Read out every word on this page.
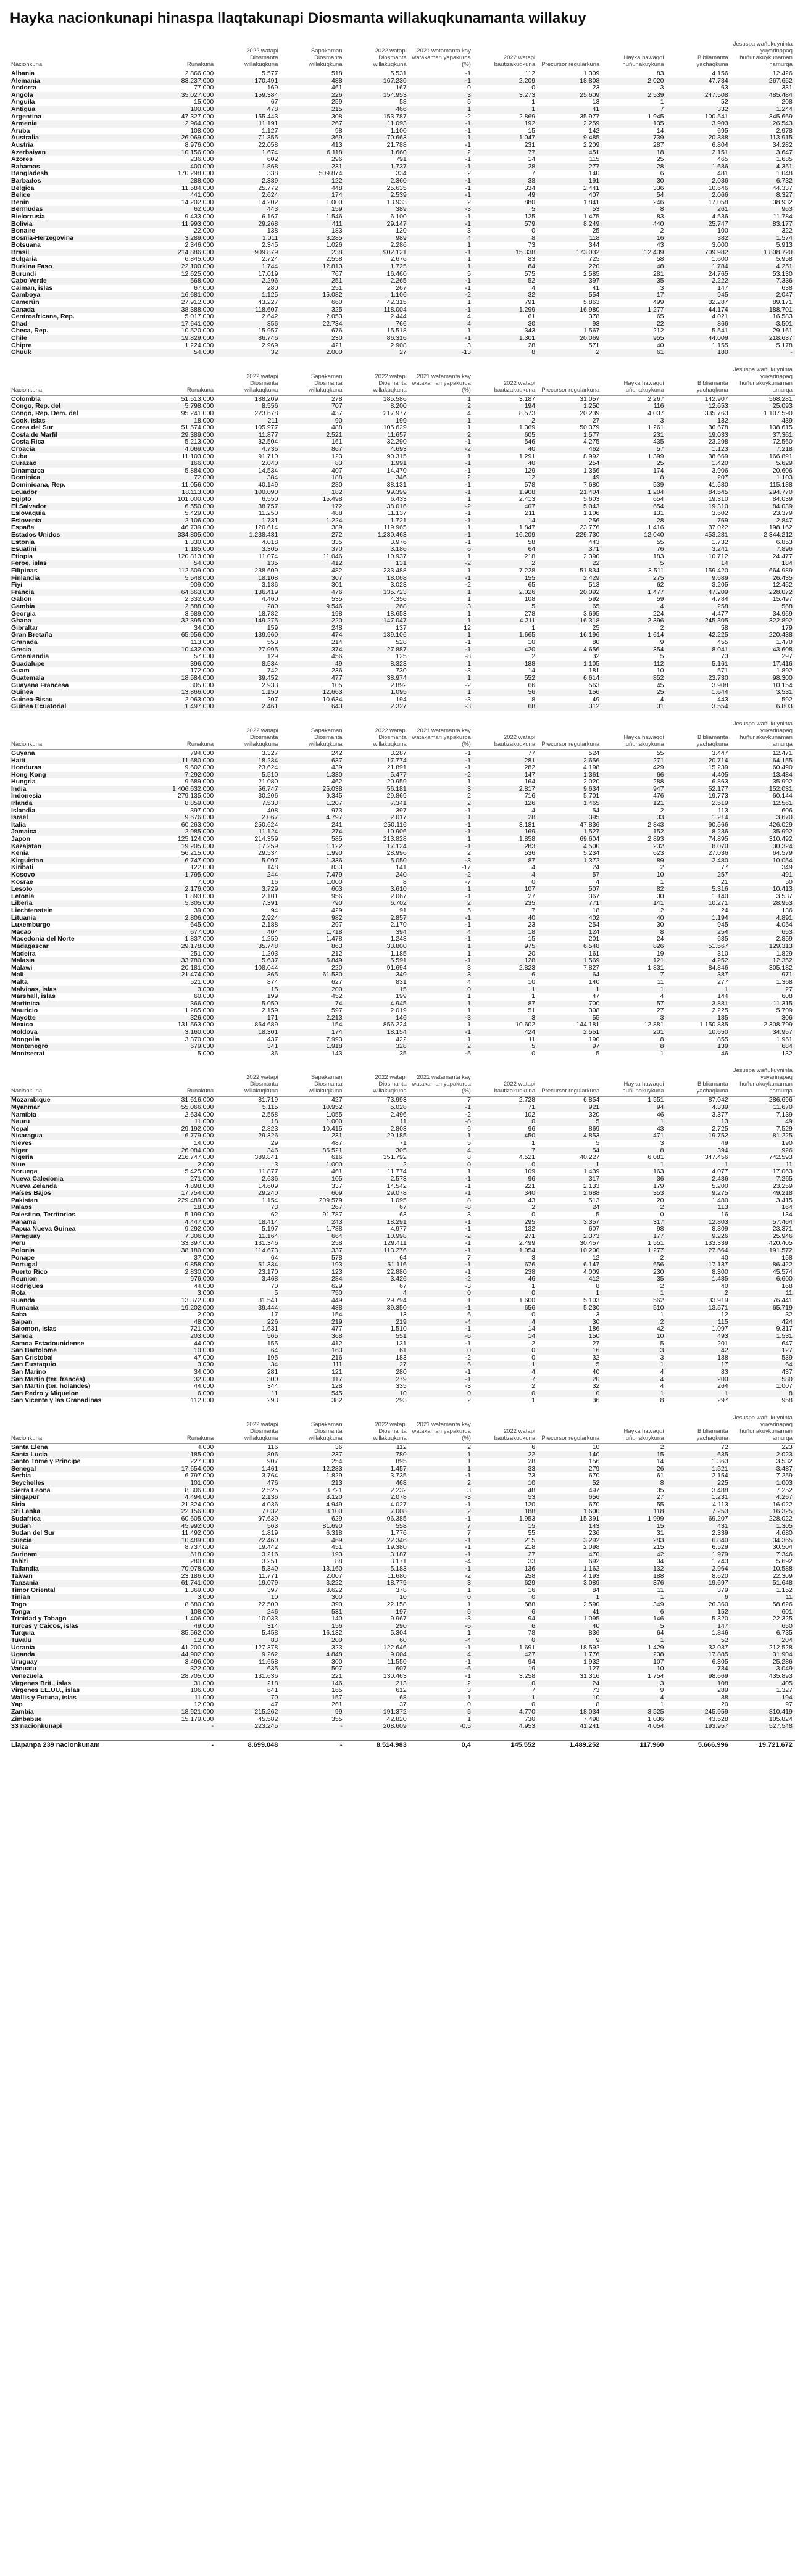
Hayka nacionkunapi hinaspa llaqtakunapi Diosmanta willakuqkunamanta willakuy
Nacionkuna	Runakuna	2022 watapi Diosmanta willakuqkuna	Sapakaman Diosmanta willakuqkuna	2022 watapi Diosmanta willakuqkuna	2021 watamanta kay watakaman yapakurqa (%)	2022 watapi bautizakuqkuna	Precursor regularkuna	Hayka hawaqqi huñunakuykuna	Bibliamanta yachaqkuna	Jesuspa wañukuyninta yuyarinapaq huñunakuykunaman hamurqa
Albania	2.866.000	5.577	518	5.531	-1	112	1.309	83	4.156	12.426
Alemania	83.237.000	170.491	488	167.230	-1	2.209	18.808	2.020	47.734	267.652
Andorra	77.000	169	461	167	0	0	23	3	63	331
Angola	35.027.000	159.384	226	154.953	3	3.273	25.609	2.539	247.508	485.484
Anguila	15.000	67	259	58	5	1	13	1	52	208
Antigua	100.000	478	215	466	1	1	41	7	332	1.244
Argentina	47.327.000	155.443	308	153.787	-2	2.869	35.977	1.945	100.541	345.669
Armenia	2.964.000	11.191	267	11.093	-1	192	2.259	135	3.903	26.543
Aruba	108.000	1.127	98	1.100	-1	15	142	14	695	2.978
Australia	26.069.000	71.355	369	70.663	1	1.047	9.485	739	20.388	113.915
Austria	8.976.000	22.058	413	21.788	-1	231	2.209	287	6.804	34.282
Azerbaiyan	10.156.000	1.674	6.118	1.660	2	77	451	18	2.151	3.647
Azores	236.000	602	296	791	-1	14	115	25	465	1.685
Bahamas	400.000	1.868	231	1.737	-1	28	277	28	1.686	4.351
Bangladesh	170.298.000	338	509.874	334	2	7	140	6	481	1.048
Barbados	288.000	2.389	122	2.360	-1	38	191	30	2.036	6.732
Belgica	11.584.000	25.772	448	25.635	-1	334	2.441	336	10.646	44.337
Belice	441.000	2.624	174	2.539	-1	49	407	54	2.066	8.327
Benin	14.202.000	14.202	1.000	13.933	2	880	1.841	246	17.058	38.932
Bermudas	62.000	443	159	389	-3	5	53	8	261	963
Bielorrusia	9.433.000	6.167	1.546	6.100	-1	125	1.475	83	4.536	11.784
Bolivia	11.993.000	29.268	411	29.147	-1	579	8.249	440	25.747	83.177
Bonaire	22.000	138	183	120	3	0	25	2	100	322
Bosnia-Herzegovina	3.289.000	1.011	3.285	989	4	8	118	16	382	1.574
Botsuana	2.346.000	2.345	1.026	2.286	1	73	344	43	3.000	5.913
Brasil	214.886.000	909.879	238	902.121	-1	15.338	173.032	12.439	709.982	1.808.720
Bulgaria	6.845.000	2.724	2.558	2.676	1	83	725	58	1.600	5.958
Burkina Faso	22.100.000	1.744	12.813	1.725	1	84	220	48	1.784	4.251
Burundi	12.625.000	17.019	767	16.460	5	575	2.585	281	24.765	53.130
Cabo Verde	568.000	2.296	251	2.265	-1	52	397	35	2.222	7.336
Caiman, islas	67.000	280	251	267	-1	4	41	3	147	638
Camboya	16.681.000	1.125	15.082	1.106	-2	32	554	17	945	2.047
Camerún	27.912.000	43.227	660	42.315	1	791	5.863	499	32.287	89.171
Canada	38.388.000	118.607	325	118.004	-1	1.299	16.980	1.277	44.174	188.701
Centroafricana, Rep.	5.017.000	2.642	2.053	2.444	4	61	378	65	4.021	16.583
Chad	17.641.000	856	22.734	766	4	30	93	22	866	3.501
Checa, Rep.	10.520.000	15.957	676	15.518	1	343	1.567	212	5.541	29.161
Chile	19.829.000	86.746	230	86.316	-1	1.301	20.069	955	44.009	218.637
Chipre	1.224.000	2.969	421	2.908	3	28	571	40	1.155	5.178
Chuuk	54.000	32	2.000	27	-13	8	2	61	180	-
Nacionkuna	Runakuna	2022 watapi Diosmanta willakuqkuna	Sapakaman Diosmanta willakuqkuna	2022 watapi Diosmanta willakuqkuna	2021 watamanta kay watakaman yapakurqa (%)	2022 watapi bautizakuqkuna	Precursor regularkuna	Hayka hawaqqi huñunakuykuna	Bibliamanta yachaqkuna	Jesuspa wañukuyninta yuyarinapaq huñunakuykunaman hamurqa
Colombia	51.513.000	188.209	278	185.586	1	3.187	31.057	2.267	142.907	568.281
Congo, Rep. del	5.798.000	8.556	707	8.200	2	194	1.250	116	12.653	25.093
Congo, Rep. Dem. del	95.241.000	223.678	437	217.977	4	8.573	20.239	4.037	335.763	1.107.590
Cook, islas	18.000	211	90	199	1	2	27	3	132	439
Corea del Sur	51.574.000	105.977	488	105.629	1	1.369	50.379	1.261	36.678	138.615
Costa de Marfil	29.389.000	11.877	2.521	11.657	2	605	1.577	231	19.033	37.361
Costa Rica	5.213.000	32.504	161	32.290	-1	546	4.275	435	23.298	72.560
Croacia	4.069.000	4.736	867	4.693	-2	40	462	57	1.123	7.218
Cuba	11.103.000	91.710	123	90.315	1	1.291	8.992	1.399	38.669	166.891
Curazao	166.000	2.040	83	1.991	-1	40	254	25	1.420	5.629
Dinamarca	5.884.000	14.534	407	14.470	-1	129	1.356	174	3.906	20.606
Dominica	72.000	384	188	346	2	12	49	8	207	1.103
Dominicana, Rep.	11.056.000	40.149	280	38.131	-1	578	7.680	539	41.580	115.138
Ecuador	18.113.000	100.090	182	99.399	-1	1.908	21.404	1.204	84.545	294.770
Egipto	101.000.000	6.550	15.498	6.433	1	2.413	5.603	654	19.310	84.039
El Salvador	6.550.000	38.757	172	38.016	-2	407	5.043	654	19.310	84.039
Eslovaquia	5.429.000	11.250	488	11.137	-1	211	1.106	131	3.602	23.379
Eslovenia	2.106.000	1.731	1.224	1.721	-1	14	256	28	769	2.847
España	46.739.000	120.614	389	119.965	1	1.847	23.776	1.416	37.022	198.162
Estados Unidos	334.805.000	1.238.431	272	1.230.463	-1	16.209	229.730	12.040	453.281	2.344.212
Estonia	1.330.000	4.018	335	3.976	-1	58	443	55	1.732	6.853
Esuatini	1.185.000	3.305	370	3.186	6	64	371	76	3.241	7.896
Etiopia	120.813.000	11.074	11.046	10.937	1	218	2.390	183	10.712	24.477
Feroe, islas	54.000	135	412	131	-2	2	22	5	14	184
Filipinas	112.509.000	238.609	482	233.488	1	7.228	51.834	3.511	159.420	664.989
Finlandia	5.548.000	18.108	307	18.068	-1	155	2.429	275	9.689	26.435
Fiyi	909.000	3.186	301	3.023	-2	65	513	62	3.205	12.452
Francia	64.663.000	136.419	476	135.723	1	2.026	20.092	1.477	47.209	228.072
Gabon	2.332.000	4.460	535	4.356	1	108	592	59	4.784	15.497
Gambia	2.588.000	280	9.546	268	3	5	65	4	258	568
Georgia	3.689.000	18.782	198	18.653	1	278	3.695	224	4.477	34.969
Ghana	32.395.000	149.275	220	147.047	1	4.211	16.318	2.396	245.305	322.892
Gibraltar	34.000	159	248	137	12	1	25	2	58	179
Gran Bretaña	65.956.000	139.960	474	139.106	1	1.665	16.196	1.614	42.225	220.438
Granada	113.000	553	214	528	-1	10	80	9	455	1.470
Grecia	10.432.000	27.995	374	27.887	-1	420	4.656	354	8.041	43.608
Groenlandia	57.000	129	456	125	-8	2	32	5	73	297
Guadalupe	396.000	8.534	49	8.323	1	188	1.105	112	5.161	17.416
Guam	172.000	742	236	730	-3	14	181	10	571	1.892
Guatemala	18.584.000	39.452	477	38.974	1	552	6.614	852	23.730	98.300
Guayana Francesa	305.000	2.933	105	2.892	-2	66	563	45	3.908	10.154
Guinea	13.866.000	1.150	12.663	1.095	1	56	156	25	1.644	3.531
Guinea-Bisau	2.063.000	207	10.634	194	-3	8	49	4	443	592
Guinea Ecuatorial	1.497.000	2.461	643	2.327	-3	68	312	31	3.554	6.803
Nacionkuna	Runakuna	2022 watapi Diosmanta willakuqkuna	Sapakaman Diosmanta willakuqkuna	2022 watapi Diosmanta willakuqkuna	2021 watamanta kay watakaman yapakurqa (%)	2022 watapi bautizakuqkuna	Precursor regularkuna	Hayka hawaqqi huñunakuykuna	Bibliamanta yachaqkuna	Jesuspa wañukuyninta yuyarinapaq huñunakuykunaman hamurqa
Guyana	794.000	3.327	242	3.287	-1	77	524	55	3.447	12.471
Haiti	11.680.000	18.234	637	17.774	-1	281	2.656	271	20.714	64.155
Honduras	9.602.000	23.624	439	21.891	-1	282	4.198	429	15.239	60.490
Hong Kong	7.292.000	5.510	1.330	5.477	-2	147	1.361	66	4.405	13.484
Hungria	9.689.000	21.080	462	20.959	1	164	2.020	288	6.863	35.992
India	1.406.632.000	56.747	25.038	56.181	3	2.817	9.634	947	52.177	152.031
Indonesia	279.135.000	30.206	9.345	29.869	2	716	5.701	476	19.773	60.144
Irlanda	8.859.000	7.533	1.207	7.341	2	126	1.465	121	2.519	12.561
Islandia	397.000	408	973	397	-1	4	54	2	113	606
Israel	9.676.000	2.067	4.797	2.017	1	28	395	33	1.214	3.670
Italia	60.263.000	250.624	241	250.116	-1	3.181	47.836	2.843	90.566	426.029
Jamaica	2.985.000	11.124	274	10.906	-1	169	1.527	152	8.236	35.992
Japon	125.124.000	214.359	585	213.828	1	1.858	69.604	2.893	74.895	310.492
Kazajstan	19.205.000	17.259	1.122	17.124	-1	283	4.500	232	8.070	30.324
Kenia	56.215.000	29.534	1.990	28.996	2	536	5.234	623	27.036	64.579
Kirguistan	6.747.000	5.097	1.336	5.050	-3	87	1.372	89	2.480	10.054
Kiribati	122.000	148	833	141	-17	4	24	2	77	349
Kosovo	1.795.000	244	7.479	240	-2	4	57	10	257	491
Kosrae	7.000	16	1.000	8	-7	0	4	1	21	50
Lesoto	2.176.000	3.729	603	3.610	1	107	507	82	5.316	10.413
Letonia	1.893.000	2.101	956	2.067	-1	27	367	30	1.140	3.537
Liberia	5.305.000	7.391	790	6.702	2	235	771	141	10.271	28.953
Liechtenstein	39.000	94	429	91	5	7	18	2	24	136
Lituania	2.806.000	2.924	982	2.857	-1	40	402	40	1.194	4.891
Luxemburgo	645.000	2.188	297	2.170	-1	23	254	30	945	4.054
Macao	677.000	404	1.718	394	4	18	124	8	254	653
Macedonia del Norte	1.837.000	1.259	1.478	1.243	-1	15	201	24	635	2.859
Madagascar	29.178.000	35.748	863	33.800	1	975	6.548	826	51.567	129.313
Madeira	251.000	1.203	212	1.185	1	20	161	19	310	1.829
Malasia	33.780.000	5.637	5.849	5.591	-1	128	1.569	121	4.252	12.352
Malawi	20.181.000	108.044	220	91.694	3	2.823	7.827	1.831	84.846	305.182
Malí	21.474.000	365	61.530	349	3	6	64	7	387	971
Malta	521.000	874	627	831	4	10	140	11	277	1.368
Malvinas, islas	3.000	15	200	15	0	1	1	1	1	27
Marshall, islas	60.000	199	452	199	1	1	47	4	144	608
Martinica	366.000	5.050	74	4.945	1	87	700	57	3.881	11.315
Mauricio	1.265.000	2.159	597	2.019	1	51	308	27	2.225	5.709
Mayotte	326.000	171	2.213	146	-3	3	55	3	185	306
Mexico	131.563.000	864.689	154	856.224	1	10.602	144.181	12.881	1.150.835	2.308.799
Moldova	3.160.000	18.301	174	18.154	-1	424	2.551	201	10.650	34.957
Mongolia	3.370.000	437	7.993	422	1	11	190	8	855	1.961
Montenegro	679.000	341	1.918	328	2	5	97	8	139	684
Montserrat	5.000	36	143	35	-5	0	5	1	46	132
Nacionkuna	Runakuna	2022 watapi Diosmanta willakuqkuna	Sapakaman Diosmanta willakuqkuna	2022 watapi Diosmanta willakuqkuna	2021 watamanta kay watakaman yapakurqa (%)	2022 watapi bautizakuqkuna	Precursor regularkuna	Hayka hawaqqi huñunakuykuna	Bibliamanta yachaqkuna	Jesuspa wañukuyninta yuyarinapaq huñunakuykunaman hamurqa
Mozambique	31.616.000	81.719	427	73.993	7	2.728	6.854	1.551	87.042	286.696
Myanmar	55.066.000	5.115	10.952	5.028	-1	71	921	94	4.339	11.670
Namibia	2.634.000	2.558	1.055	2.496	-2	102	320	46	3.377	7.139
Nauru	11.000	18	1.000	11	-8	0	5	1	13	49
Nepal	29.192.000	2.823	10.415	2.803	6	96	869	43	2.725	7.529
Nicaragua	6.779.000	29.326	231	29.185	1	450	4.853	471	19.752	81.225
Nieves	14.000	29	487	71	5	1	5	3	49	190
Niger	26.084.000	346	85.521	305	4	7	54	8	394	926
Nigeria	216.747.000	389.841	616	351.792	8	4.521	40.227	6.081	347.456	742.593
Niue	2.000	3	1.000	2	0	0	1	1	1	11
Noruega	5.425.000	11.877	461	11.774	1	109	1.439	163	4.077	17.063
Nueva Caledonia	271.000	2.636	105	2.573	-1	96	317	36	2.436	7.265
Nueva Zelanda	4.898.000	14.609	337	14.542	-1	221	2.133	179	5.200	23.259
Países Bajos	17.754.000	29.240	609	29.078	-1	340	2.688	353	9.275	49.218
Pakistan	229.489.000	1.154	209.579	1.095	8	43	513	20	1.480	3.415
Palaos	18.000	73	267	67	-8	2	24	2	113	164
Palestino, Territorios	5.199.000	62	91.787	63	3	0	5	0	16	134
Panama	4.447.000	18.414	243	18.291	-1	295	3.357	317	12.803	57.464
Papua Nueva Guinea	9.292.000	5.197	1.788	4.977	-1	132	607	98	8.309	23.371
Paraguay	7.306.000	11.164	664	10.998	-2	271	2.373	177	9.226	25.946
Peru	33.397.000	131.346	258	129.411	-1	2.499	30.457	1.551	133.339	420.405
Polonia	38.180.000	114.673	337	113.276	-1	1.054	10.200	1.277	27.664	191.572
Ponape	37.000	64	578	64	7	3	12	2	40	158
Portugal	9.858.000	51.334	193	51.116	-1	676	6.147	656	17.137	86.422
Puerto Rico	2.830.000	23.170	123	22.880	-1	238	4.009	230	8.300	45.574
Reunion	976.000	3.468	284	3.426	-2	46	412	35	1.435	6.600
Rodrigues	44.000	70	629	67	-3	1	8	2	40	168
Rota	3.000	5	750	4	0	0	1	1	2	11
Ruanda	13.372.000	31.541	449	29.794	1	1.600	5.103	562	33.919	76.441
Rumania	19.202.000	39.444	488	39.350	-1	656	5.230	510	13.571	65.719
Saba	2.000	17	154	13	6	0	3	1	12	32
Saipan	48.000	226	219	219	-4	4	30	2	115	424
Salomon, islas	721.000	1.631	477	1.510	-1	14	186	42	1.097	9.317
Samoa	203.000	565	368	551	-6	14	150	10	493	1.531
Samoa Estadounidense	44.000	155	412	131	-1	2	27	5	201	647
San Bartolome	10.000	64	163	61	0	0	16	3	42	127
San Cristobal	47.000	195	216	183	-2	0	32	3	188	539
San Eustaquio	3.000	34	111	27	6	1	5	1	17	64
San Marino	34.000	281	121	280	-1	4	40	4	83	437
San Martin (ter. francés)	32.000	300	117	279	-1	7	20	4	200	580
San Martin (ter. holandes)	44.000	344	128	335	-3	2	32	4	264	1.007
San Pedro y Miquelon	6.000	11	545	10	0	0	0	1	1	8
San Vicente y las Granadinas	112.000	293	382	293	2	1	36	8	297	958
Nacionkuna	Runakuna	2022 watapi Diosmanta willakuqkuna	Sapakaman Diosmanta willakuqkuna	2022 watapi Diosmanta willakuqkuna	2021 watamanta kay watakaman yapakurqa (%)	2022 watapi bautizakuqkuna	Precursor regularkuna	Hayka hawaqqi huñunakuykuna	Bibliamanta yachaqkuna	Jesuspa wañukuyninta yuyarinapaq huñunakuykunaman hamurqa
Santa Elena	4.000	116	36	112	2	6	10	2	72	223
Santa Lucia	185.000	806	237	780	1	22	140	15	635	2.023
Santo Tomé y Principe	227.000	907	254	895	1	28	156	14	1.363	3.532
Senegal	17.654.000	1.461	12.283	1.457	1	33	279	26	1.521	3.487
Serbia	6.797.000	3.764	1.829	3.735	-1	73	670	61	2.154	7.259
Seychelles	101.000	476	213	468	2	10	52	8	225	1.003
Sierra Leona	8.306.000	2.525	3.721	2.232	3	48	497	35	3.488	7.252
Singapur	4.494.000	2.136	3.120	2.078	-3	53	656	27	1.231	4.267
Siria	21.324.000	4.036	4.949	4.027	-1	120	670	55	4.113	16.022
Sri Lanka	22.156.000	7.032	3.100	7.008	2	188	1.600	118	7.253	16.325
Sudafrica	60.605.000	97.639	629	96.385	-1	1.953	15.391	1.999	69.207	228.022
Sudan	45.992.000	563	81.690	558	7	15	143	15	431	1.305
Sudan del Sur	11.492.000	1.819	6.318	1.776	7	55	236	31	2.339	4.680
Suecia	10.489.000	22.460	469	22.346	-1	215	3.292	283	6.840	34.365
Suiza	8.737.000	19.442	451	19.380	-1	218	2.098	215	6.529	30.504
Surinam	618.000	3.216	193	3.187	-1	27	470	42	1.979	7.346
Tahiti	280.000	3.251	88	3.171	-4	33	692	34	1.743	5.692
Tailandia	70.078.000	5.340	13.160	5.183	-1	136	1.162	132	2.964	10.588
Taiwan	23.186.000	11.771	2.007	11.680	-2	258	4.193	188	8.620	22.309
Tanzania	61.741.000	19.079	3.222	18.779	3	629	3.089	376	19.697	51.648
Timor Oriental	1.369.000	397	3.622	378	1	16	84	11	379	1.152
Tinian	3.000	10	300	10	0	0	1	1	6	11
Togo	8.680.000	22.500	390	22.158	1	588	2.590	349	26.360	58.626
Tonga	108.000	246	531	197	5	6	41	6	152	601
Trinidad y Tobago	1.406.000	10.033	140	9.967	-3	94	1.095	146	5.320	22.325
Turcas y Caicos, islas	49.000	314	156	290	-5	6	40	5	147	650
Turquia	85.562.000	5.458	16.132	5.304	1	78	836	64	1.846	6.735
Tuvalu	12.000	83	200	60	-4	0	9	1	52	204
Ucrania	41.200.000	127.378	323	122.646	-1	1.691	18.592	1.429	32.037	212.528
Uganda	44.902.000	9.262	4.848	9.004	4	427	1.776	238	17.885	31.904
Uruguay	3.496.000	11.658	300	11.550	-1	94	1.932	107	6.305	25.286
Vanuatu	322.000	635	507	607	-6	19	127	10	734	3.049
Venezuela	28.705.000	131.636	221	130.463	-1	3.258	31.316	1.754	98.669	435.893
Virgenes Brit., islas	31.000	218	146	213	2	0	24	3	108	405
Virgenes EE.UU., islas	106.000	641	165	612	3	7	73	9	289	1.327
Wallis y Futuna, islas	11.000	70	157	68	1	1	10	4	38	194
Yap	12.000	47	261	37	0	0	8	1	20	97
Zambia	18.921.000	215.262	99	191.372	5	4.770	18.034	3.525	245.959	810.419
Zimbabue	15.179.000	45.582	355	42.820	1	730	7.498	1.036	43.528	105.824
33 nacionkunapi	-	223.245	-	208.609	-0,5	4.953	41.241	4.054	193.957	527.548
Llapanpa 239 nacionkunam	-	8.699.048	-	8.514.983	0,4	145.552	1.489.252	117.960	5.666.996	19.721.672
